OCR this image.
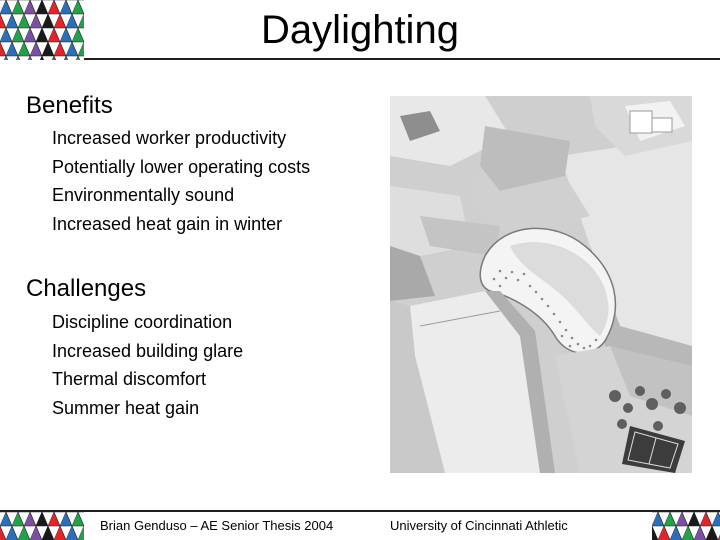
Daylighting
Benefits
Increased worker productivity
Potentially lower operating costs
Environmentally sound
Increased heat gain in winter
Challenges
Discipline coordination
Increased building glare
Thermal discomfort
Summer heat gain
Brian Genduso – AE Senior Thesis 2004	University of Cincinnati Athletic
